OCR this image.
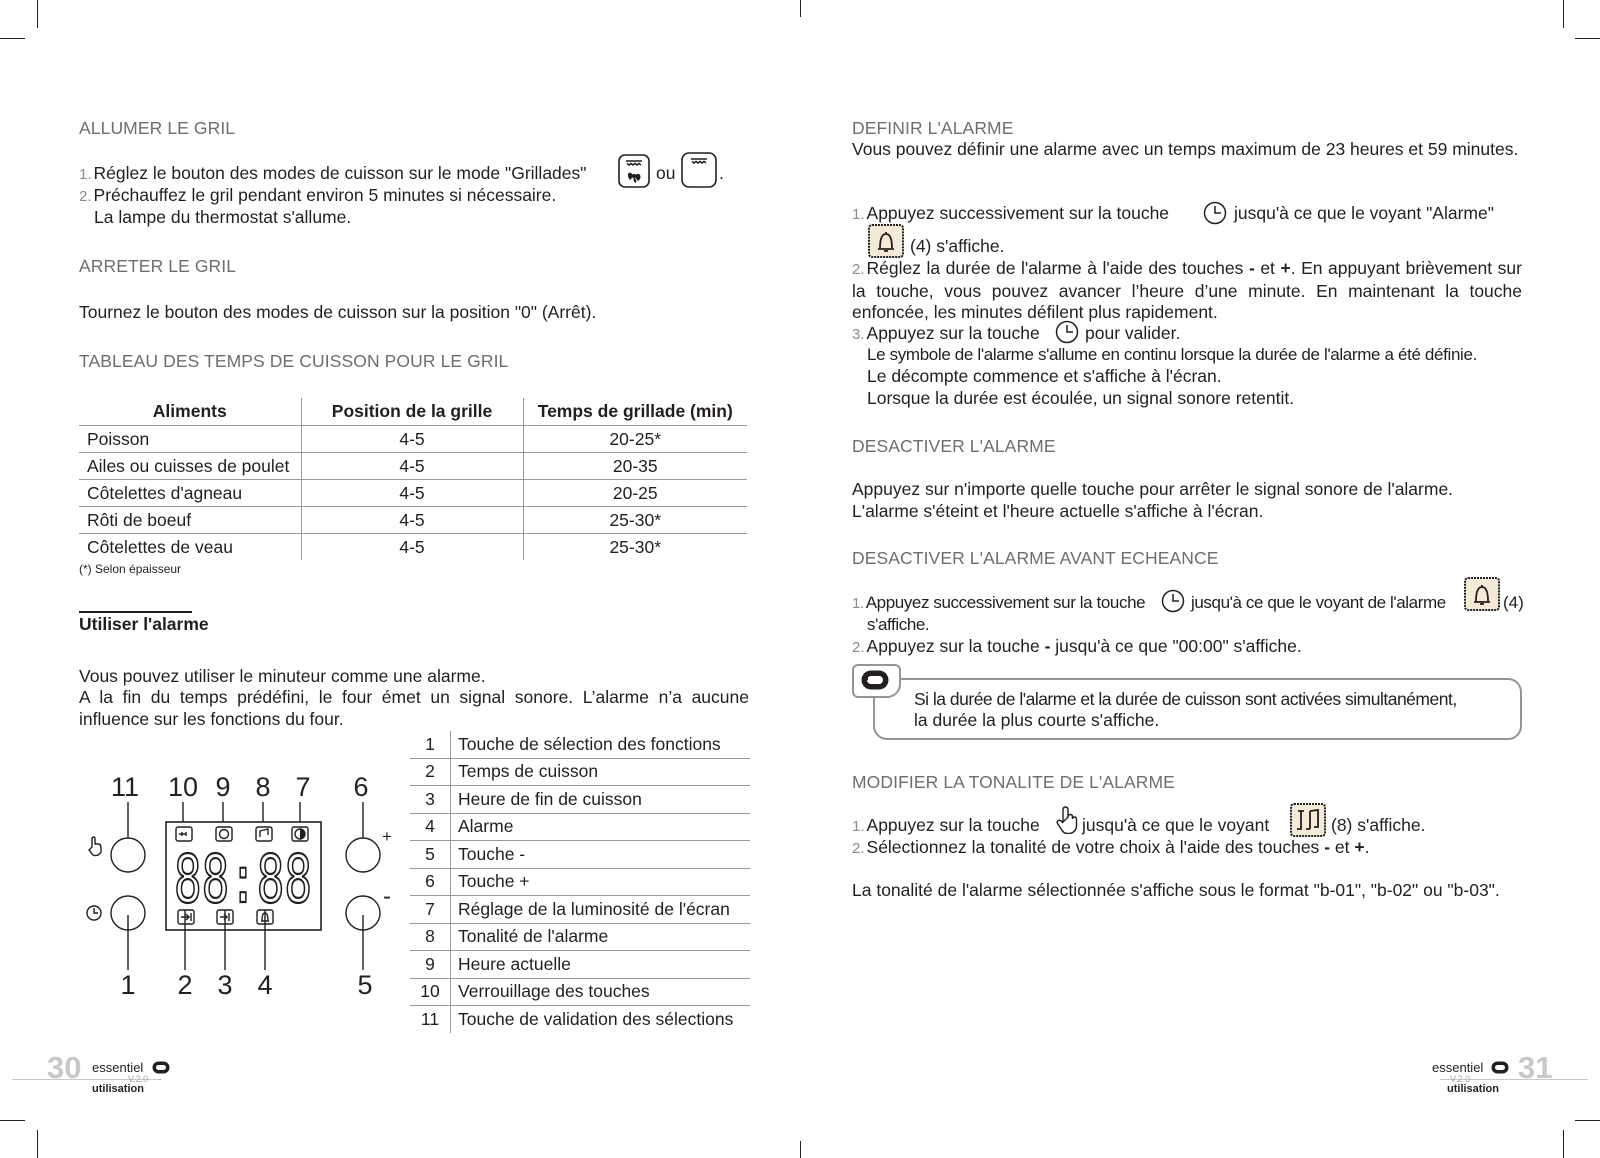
ALLUMER LE GRIL
1. Réglez le bouton des modes de cuisson sur le mode "Grillades"	ou .
2. Préchauffez le gril pendant environ 5 minutes si nécessaire.
La lampe du thermostat s'allume.
ARRETER LE GRIL
Tournez le bouton des modes de cuisson sur la position "0" (Arrêt).
TABLEAU DES TEMPS DE CUISSON POUR LE GRIL
Aliments	Position de la grille	Temps de grillade (min)
Poisson	4-5	20-25*
Ailes ou cuisses de poulet	4-5	20-35
Côtelettes d'agneau	4-5	20-25
Rôti de boeuf	4-5	25-30*
Côtelettes de veau	4-5	25-30*
(*) Selon épaisseur
Utiliser l'alarme
Vous pouvez utiliser le minuteur comme une alarme.
A la fin du temps prédéfini, le four émet un signal sonore. L’alarme n’a aucune influence sur les fonctions du four.
11 10 9 8 7 6
1 2 3 4	5
88:88
+
-
1	Touche de sélection des fonctions
2	Temps de cuisson
3	Heure de fin de cuisson
4	Alarme
5	Touche -
6	Touche +
7	Réglage de la luminosité de l'écran
8	Tonalité de l'alarme
9	Heure actuelle
10	Verrouillage des touches
11	Touche de validation des sélections
30 essentiel
V.2.0
utilisation
DEFINIR L'ALARME
Vous pouvez définir une alarme avec un temps maximum de 23 heures et 59 minutes.
1. Appuyez successivement sur la touche	jusqu'à ce que le voyant "Alarme"
(4) s'affiche.
2. Réglez la durée de l'alarme à l'aide des touches - et +. En appuyant brièvement sur la touche, vous pouvez avancer l’heure d’une minute. En maintenant la touche enfoncée, les minutes défilent plus rapidement.
3. Appuyez sur la touche	pour valider.
Le symbole de l'alarme s'allume en continu lorsque la durée de l'alarme a été définie.
Le décompte commence et s'affiche à l'écran.
Lorsque la durée est écoulée, un signal sonore retentit.
DESACTIVER L'ALARME
Appuyez sur n'importe quelle touche pour arrêter le signal sonore de l'alarme.
L'alarme s'éteint et l'heure actuelle s'affiche à l'écran.
DESACTIVER L'ALARME AVANT ECHEANCE
1. Appuyez successivement sur la touche	jusqu'à ce que le voyant de l'alarme	(4)
s'affiche.
2. Appuyez sur la touche - jusqu'à ce que "00:00" s'affiche.
Si la durée de l'alarme et la durée de cuisson sont activées simultanément,
la durée la plus courte s'affiche.
MODIFIER LA TONALITE DE L'ALARME
1. Appuyez sur la touche jusqu'à ce que le voyant	(8) s'affiche.
2. Sélectionnez la tonalité de votre choix à l'aide des touches - et +.
La tonalité de l'alarme sélectionnée s'affiche sous le format "b-01", "b-02" ou "b-03".
essentiel 31
V.2.0
utilisation
